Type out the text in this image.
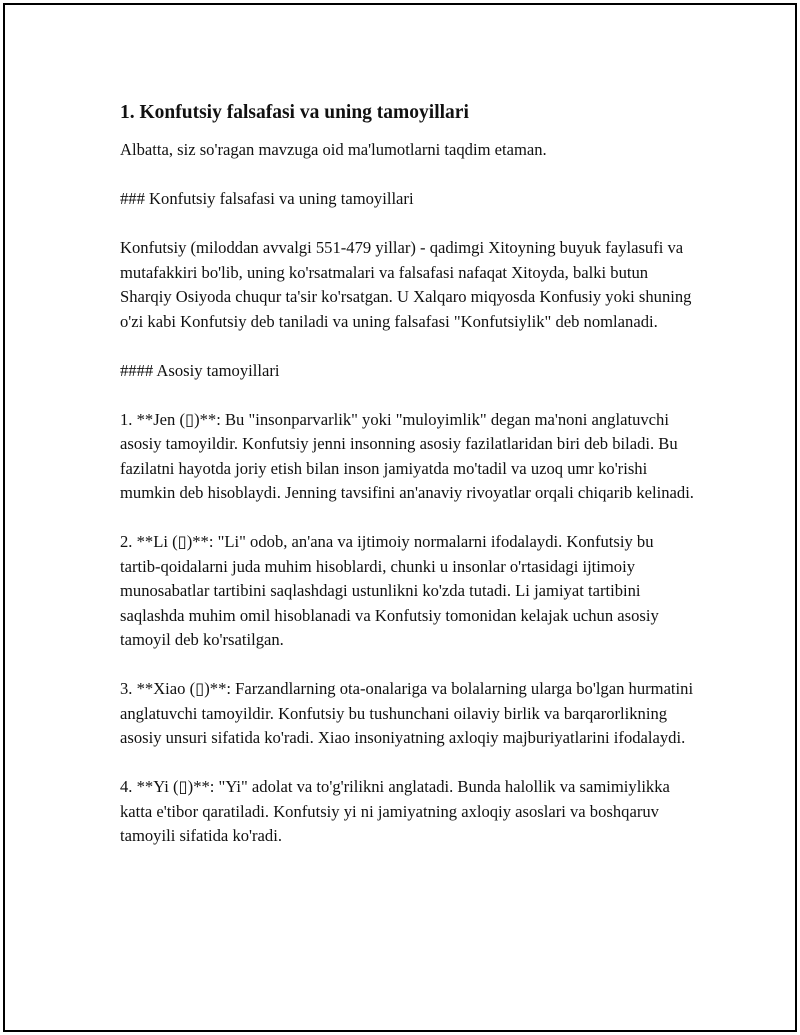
1. Konfutsiy falsafasi va uning tamoyillari

Albatta, siz so'ragan mavzuga oid ma'lumotlarni taqdim etaman.

### Konfutsiy falsafasi va uning tamoyillari

Konfutsiy (miloddan avvalgi 551-479 yillar) - qadimgi Xitoyning buyuk faylasufi va mutafakkiri bo'lib, uning ko'rsatmalari va falsafasi nafaqat Xitoyda, balki butun Sharqiy Osiyoda chuqur ta'sir ko'rsatgan. U Xalqaro miqyosda Konfusiy yoki shuning o'zi kabi Konfutsiy deb taniladi va uning falsafasi "Konfutsiylik" deb nomlanadi.

#### Asosiy tamoyillari

1. **Jen (▯)**: Bu "insonparvarlik" yoki "muloyimlik" degan ma'noni anglatuvchi asosiy tamoyildir. Konfutsiy jenni insonning asosiy fazilatlaridan biri deb biladi. Bu fazilatni hayotda joriy etish bilan inson jamiyatda mo'tadil va uzoq umr ko'rishi mumkin deb hisoblaydi. Jenning tavsifini an'anaviy rivoyatlar orqali chiqarib kelinadi.

2. **Li (▯)**: "Li" odob, an'ana va ijtimoiy normalarni ifodalaydi. Konfutsiy bu tartib-qoidalarni juda muhim hisoblardi, chunki u insonlar o'rtasidagi ijtimoiy munosabatlar tartibini saqlashdagi ustunlikni ko'zda tutadi. Li jamiyat tartibini saqlashda muhim omil hisoblanadi va Konfutsiy tomonidan kelajak uchun asosiy tamoyil deb ko'rsatilgan.

3. **Xiao (▯)**: Farzandlarning ota-onalariga va bolalarning ularga bo'lgan hurmatini anglatuvchi tamoyildir. Konfutsiy bu tushunchani oilaviy birlik va barqarorlikning asosiy unsuri sifatida ko'radi. Xiao insoniyatning axloqiy majburiyatlarini ifodalaydi.

4. **Yi (▯)**: "Yi" adolat va to'g'rilikni anglatadi. Bunda halollik va samimiylikka katta e'tibor qaratiladi. Konfutsiy yi ni jamiyatning axloqiy asoslari va boshqaruv tamoyili sifatida ko'radi.
